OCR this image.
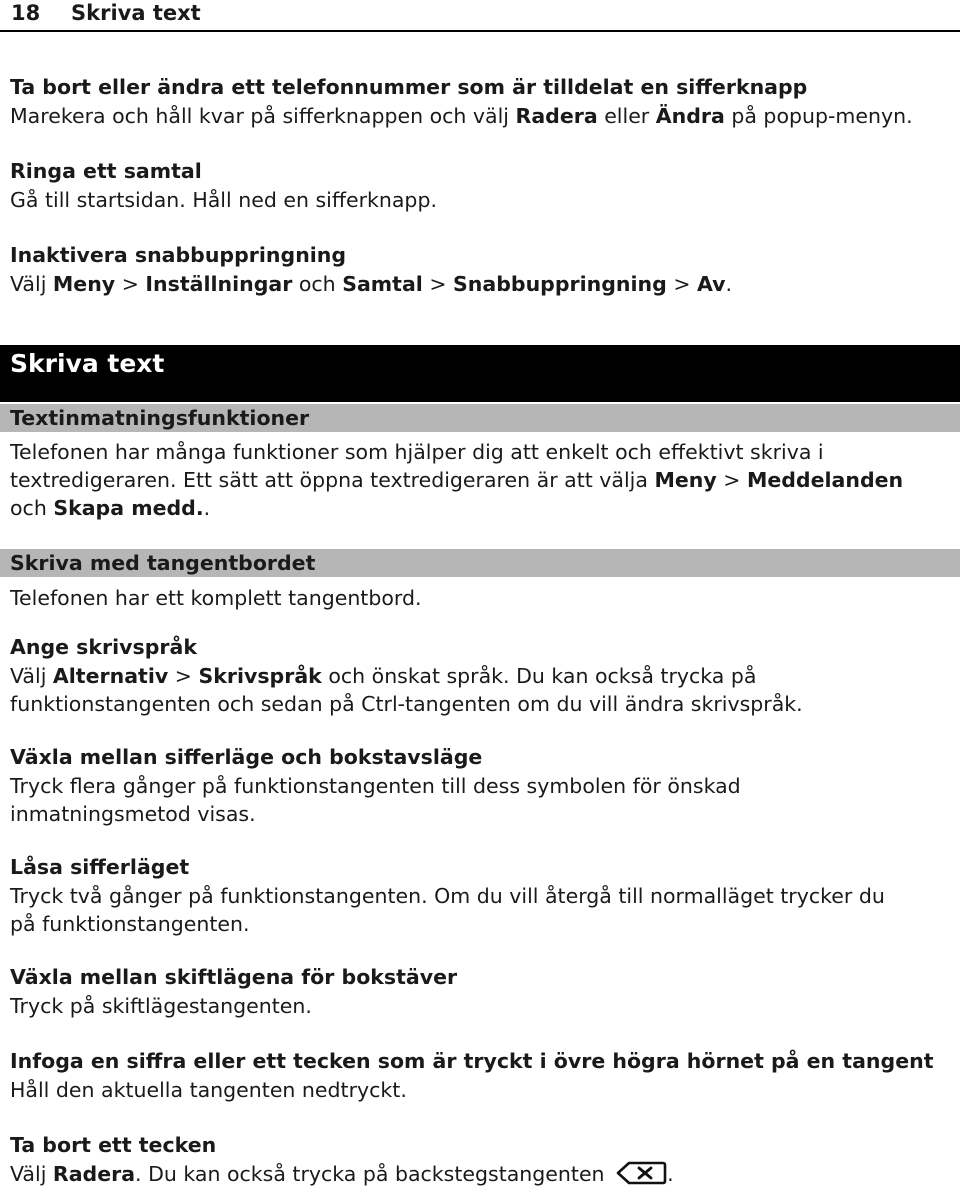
18 Skriva text
Ta bort eller ändra ett telefonnummer som är tilldelat en sifferknapp
Marekera och håll kvar på sifferknappen och välj Radera eller Ändra på popup-menyn.
Ringa ett samtal
Gå till startsidan. Håll ned en sifferknapp.
Inaktivera snabbuppringning
Välj Meny > Inställningar och Samtal > Snabbuppringning > Av.
Skriva text
Textinmatningsfunktioner
Telefonen har många funktioner som hjälper dig att enkelt och effektivt skriva i
textredigeraren. Ett sätt att öppna textredigeraren är att välja Meny > Meddelanden
och Skapa medd..
Skriva med tangentbordet
Telefonen har ett komplett tangentbord.
Ange skrivspråk
Välj Alternativ > Skrivspråk och önskat språk. Du kan också trycka på
funktionstangenten och sedan på Ctrl-tangenten om du vill ändra skrivspråk.
Växla mellan sifferläge och bokstavsläge
Tryck flera gånger på funktionstangenten till dess symbolen för önskad
inmatningsmetod visas.
Låsa sifferläget
Tryck två gånger på funktionstangenten. Om du vill återgå till normalläget trycker du
på funktionstangenten.
Växla mellan skiftlägena för bokstäver
Tryck på skiftlägestangenten.
Infoga en siffra eller ett tecken som är tryckt i övre högra hörnet på en tangent
Håll den aktuella tangenten nedtryckt.
Ta bort ett tecken
Välj Radera. Du kan också trycka på backstegstangenten	.
